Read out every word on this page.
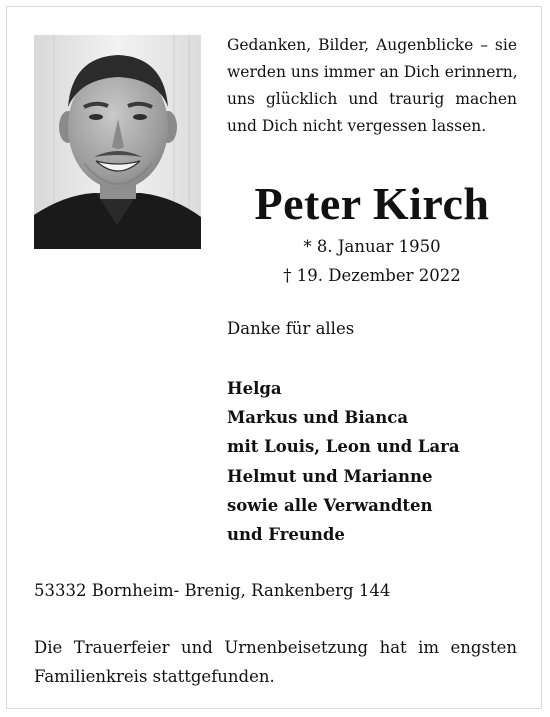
Gedanken, Bilder, Augenblicke – sie
werden uns immer an Dich erinnern,
uns glücklich und traurig machen
und Dich nicht vergessen lassen.
Peter Kirch
* 8. Januar 1950
† 19. Dezember 2022
Danke für alles
Helga
Markus und Bianca
mit Louis, Leon und Lara
Helmut und Marianne
sowie alle Verwandten
und Freunde
53332 Bornheim- Brenig, Rankenberg 144
Die Trauerfeier und Urnenbeisetzung hat im engsten
Familienkreis stattgefunden.
